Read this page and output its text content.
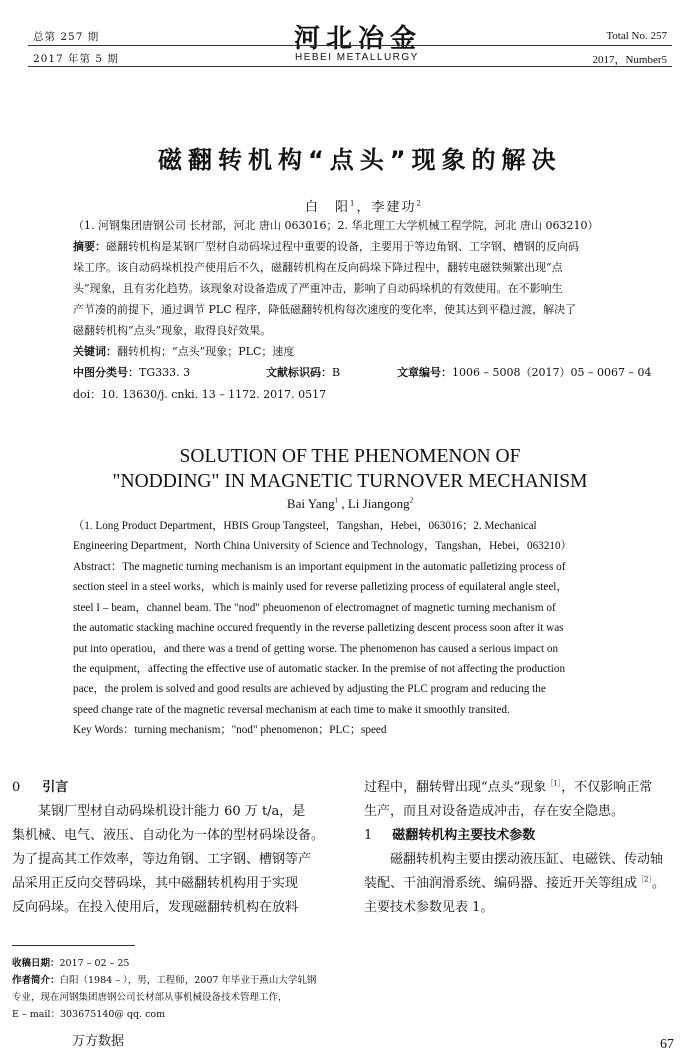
总第 257 期
2017 年第 5 期
河北冶金
HEBEI METALLURGY
Total No. 257
2017，Number5
磁翻转机构“点头”现象的解决
白　阳$^1$，李建功$^2$
（1. 河钢集团唐钢公司 长材部，河北 唐山 063016；2. 华北理工大学机械工程学院，河北 唐山 063210）
摘要：磁翻转机构是某钢厂型材自动码垛过程中重要的设备，主要用于等边角钢、工字钢、槽钢的反向码
垛工序。该自动码垛机投产使用后不久，磁翻转机构在反向码垛下降过程中，翻转电磁铁频繁出现“点
头”现象，且有劣化趋势。该现象对设备造成了严重冲击，影响了自动码垛机的有效使用。在不影响生
产节凑的前提下，通过调节 PLC 程序，降低磁翻转机构每次速度的变化率，使其达到平稳过渡，解决了
磁翻转机构“点头”现象，取得良好效果。
关键词：翻转机构；“点头”现象；PLC；速度
中图分类号：TG333. 3	文献标识码：B	文章编号：1006 – 5008（2017）05 – 0067 – 04
doi：10. 13630/j. cnki. 13 – 1172. 2017. 0517
SOLUTION OF THE PHENOMENON OF
"NODDING" IN MAGNETIC TURNOVER MECHANISM
Bai Yang$^1$ , Li Jiangong$^2$
（1. Long Product Department，HBIS Group Tangsteel，Tangshan，Hebei，063016；2. Mechanical
Engineering Department，North China University of Science and Technology，Tangshan，Hebei，063210）
Abstract：The magnetic turning mechanism is an important equipment in the automatic palletizing process of
section steel in a steel works，which is mainly used for reverse palletizing process of equilateral angle steel，
steel I – beam，channel beam. The "nod" pheuomenon of electromagnet of magnetic turning mechanism of
the automatic stacking machine occured frequently in the reverse palletizing descent process soon after it was
put into operatiou，and there was a trend of getting worse. The phenomenon has caused a serious impact on
the equipment，affecting the effective use of automatic stacker. In the premise of not affecting the production
pace，the prolem is solved and good results are achieved by adjusting the PLC program and reducing the
speed change rate of the magnetic reversal mechanism at each time to make it smoothly transited.
Key Words：turning mechanism；"nod" phenomenon；PLC；speed
0 引言
　　某钢厂型材自动码垛机设计能力 60 万 t/a，是
集机械、电气、液压、自动化为一体的型材码垛设备。
为了提高其工作效率，等边角钢、工字钢、槽钢等产
品采用正反向交替码垛，其中磁翻转机构用于实现
反向码垛。在投入使用后，发现磁翻转机构在放料
过程中，翻转臂出现“点头”现象$^{[1]}$，不仅影响正常
生产，而且对设备造成冲击，存在安全隐患。
1 磁翻转机构主要技术参数
　　磁翻转机构主要由摆动液压缸、电磁铁、传动轴
装配、干油润滑系统、编码器、接近开关等组成$^{[2]}$。
主要技术参数见表 1。
收稿日期：2017 – 02 – 25
作者简介：白阳（1984 – ），男，工程师，2007 年毕业于燕山大学轧钢
专业，现在河钢集团唐钢公司长材部从事机械设备技术管理工作，
E – mail：303675140@ qq. com
万方数据	67
